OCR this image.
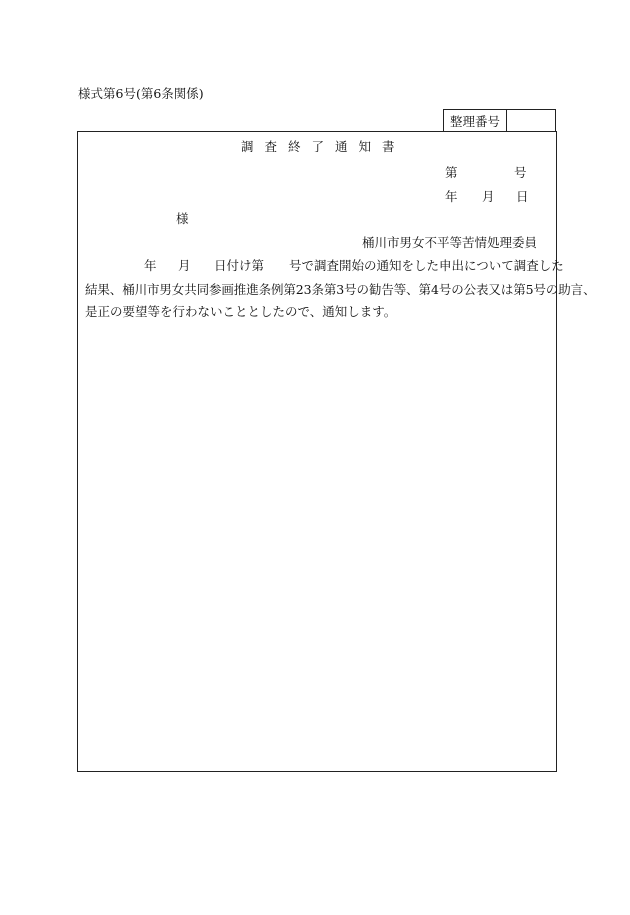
様式第6号(第6条関係)
整理番号
調査終了通知書
第	号
年 月 日
様
桶川市男女不平等苦情処理委員
年 月 日付け第　　号で調査開始の通知をした申出について調査した
結果、桶川市男女共同参画推進条例第23条第3号の勧告等、第4号の公表又は第5号の助言、
是正の要望等を行わないこととしたので、通知します。
